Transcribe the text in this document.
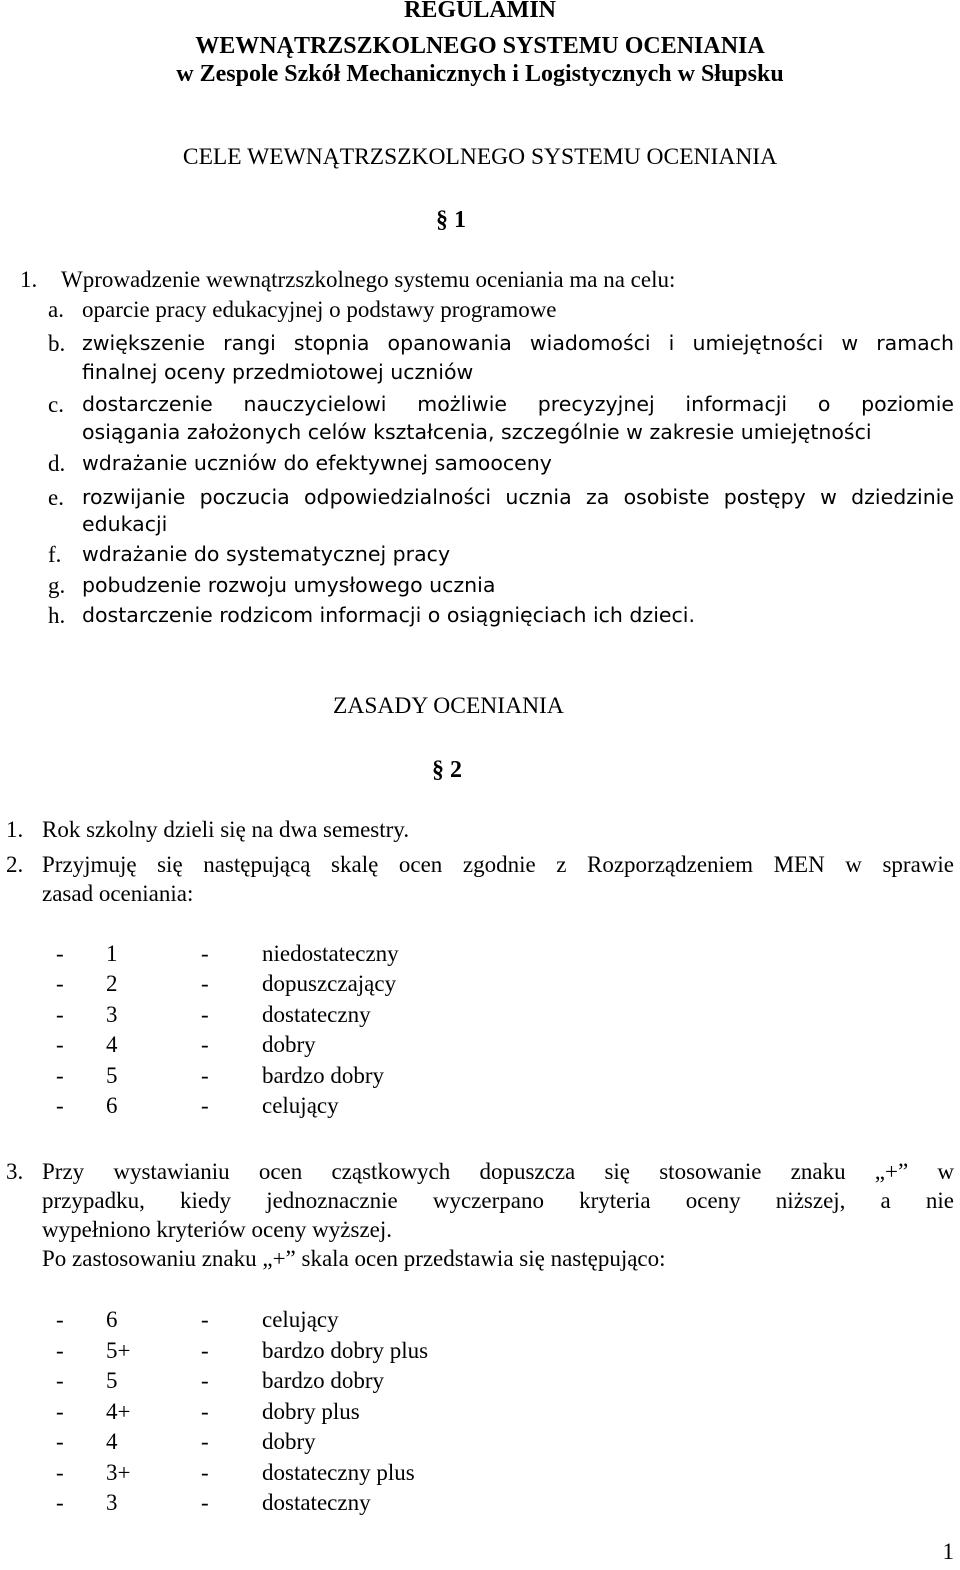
REGULAMIN
WEWNĄTRZSZKOLNEGO SYSTEMU OCENIANIA
w Zespole Szkół Mechanicznych i Logistycznych w Słupsku
CELE WEWNĄTRZSZKOLNEGO SYSTEMU OCENIANIA
§ 1
1. Wprowadzenie wewnątrzszkolnego systemu oceniania ma na celu:
a. oparcie pracy edukacyjnej o podstawy programowe
b. zwiększenie rangi stopnia opanowania wiadomości i umiejętności w ramach
finalnej oceny przedmiotowej uczniów
c. dostarczenie nauczycielowi możliwie precyzyjnej informacji o poziomie
osiągania założonych celów kształcenia, szczególnie w zakresie umiejętności
d. wdrażanie uczniów do efektywnej samooceny
e. rozwijanie poczucia odpowiedzialności ucznia za osobiste postępy w dziedzinie
edukacji
f. wdrażanie do systematycznej pracy
g. pobudzenie rozwoju umysłowego ucznia
h. dostarczenie rodzicom informacji o osiągnięciach ich dzieci.
ZASADY OCENIANIA
§ 2
1. Rok szkolny dzieli się na dwa semestry.
2. Przyjmuję się następującą skalę ocen zgodnie z Rozporządzeniem MEN w sprawie
zasad oceniania:
- 1	- niedostateczny
- 2	- dopuszczający
- 3	- dostateczny
- 4	- dobry
- 5	- bardzo dobry
- 6	- celujący
3. Przy wystawianiu ocen cząstkowych dopuszcza się stosowanie znaku „+” w
przypadku, kiedy jednoznacznie wyczerpano kryteria oceny niższej, a nie
wypełniono kryteriów oceny wyższej.
Po zastosowaniu znaku „+” skala ocen przedstawia się następująco:
- 6	- celujący
- 5+	- bardzo dobry plus
- 5	- bardzo dobry
- 4+	- dobry plus
- 4	- dobry
- 3+	- dostateczny plus
- 3	- dostateczny
1
